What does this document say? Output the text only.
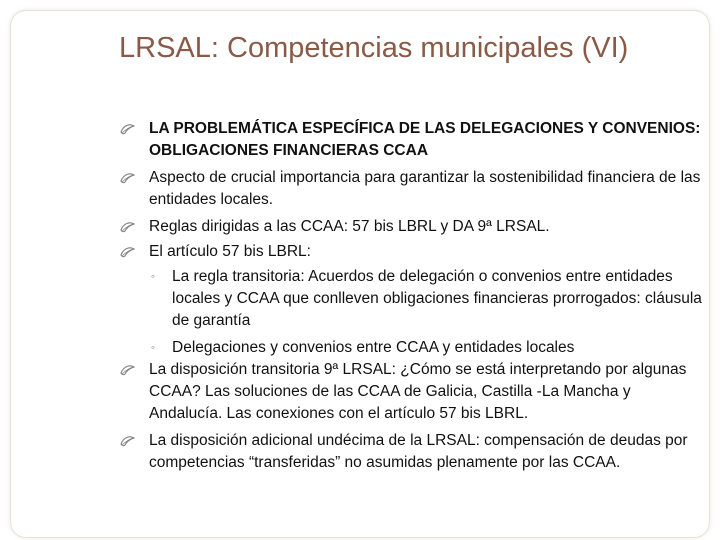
LRSAL: Competencias municipales (VI)
LA PROBLEMÁTICA ESPECÍFICA DE LAS DELEGACIONES Y CONVENIOS: OBLIGACIONES FINANCIERAS CCAA
Aspecto de crucial importancia para garantizar la sostenibilidad financiera de las entidades locales.
Reglas dirigidas a las CCAA: 57 bis LBRL y DA 9ª LRSAL.
El artículo 57 bis LBRL:
◦	La regla transitoria: Acuerdos de delegación o convenios entre entidades locales y CCAA que conlleven obligaciones financieras prorrogados: cláusula de garantía
◦	Delegaciones y convenios entre CCAA y entidades locales
La disposición transitoria 9ª LRSAL: ¿Cómo se está interpretando por algunas CCAA? Las soluciones de las CCAA de Galicia, Castilla -La Mancha y Andalucía. Las conexiones con el artículo 57 bis LBRL.
La disposición adicional undécima de la LRSAL: compensación de deudas por competencias “transferidas” no asumidas plenamente por las CCAA.
